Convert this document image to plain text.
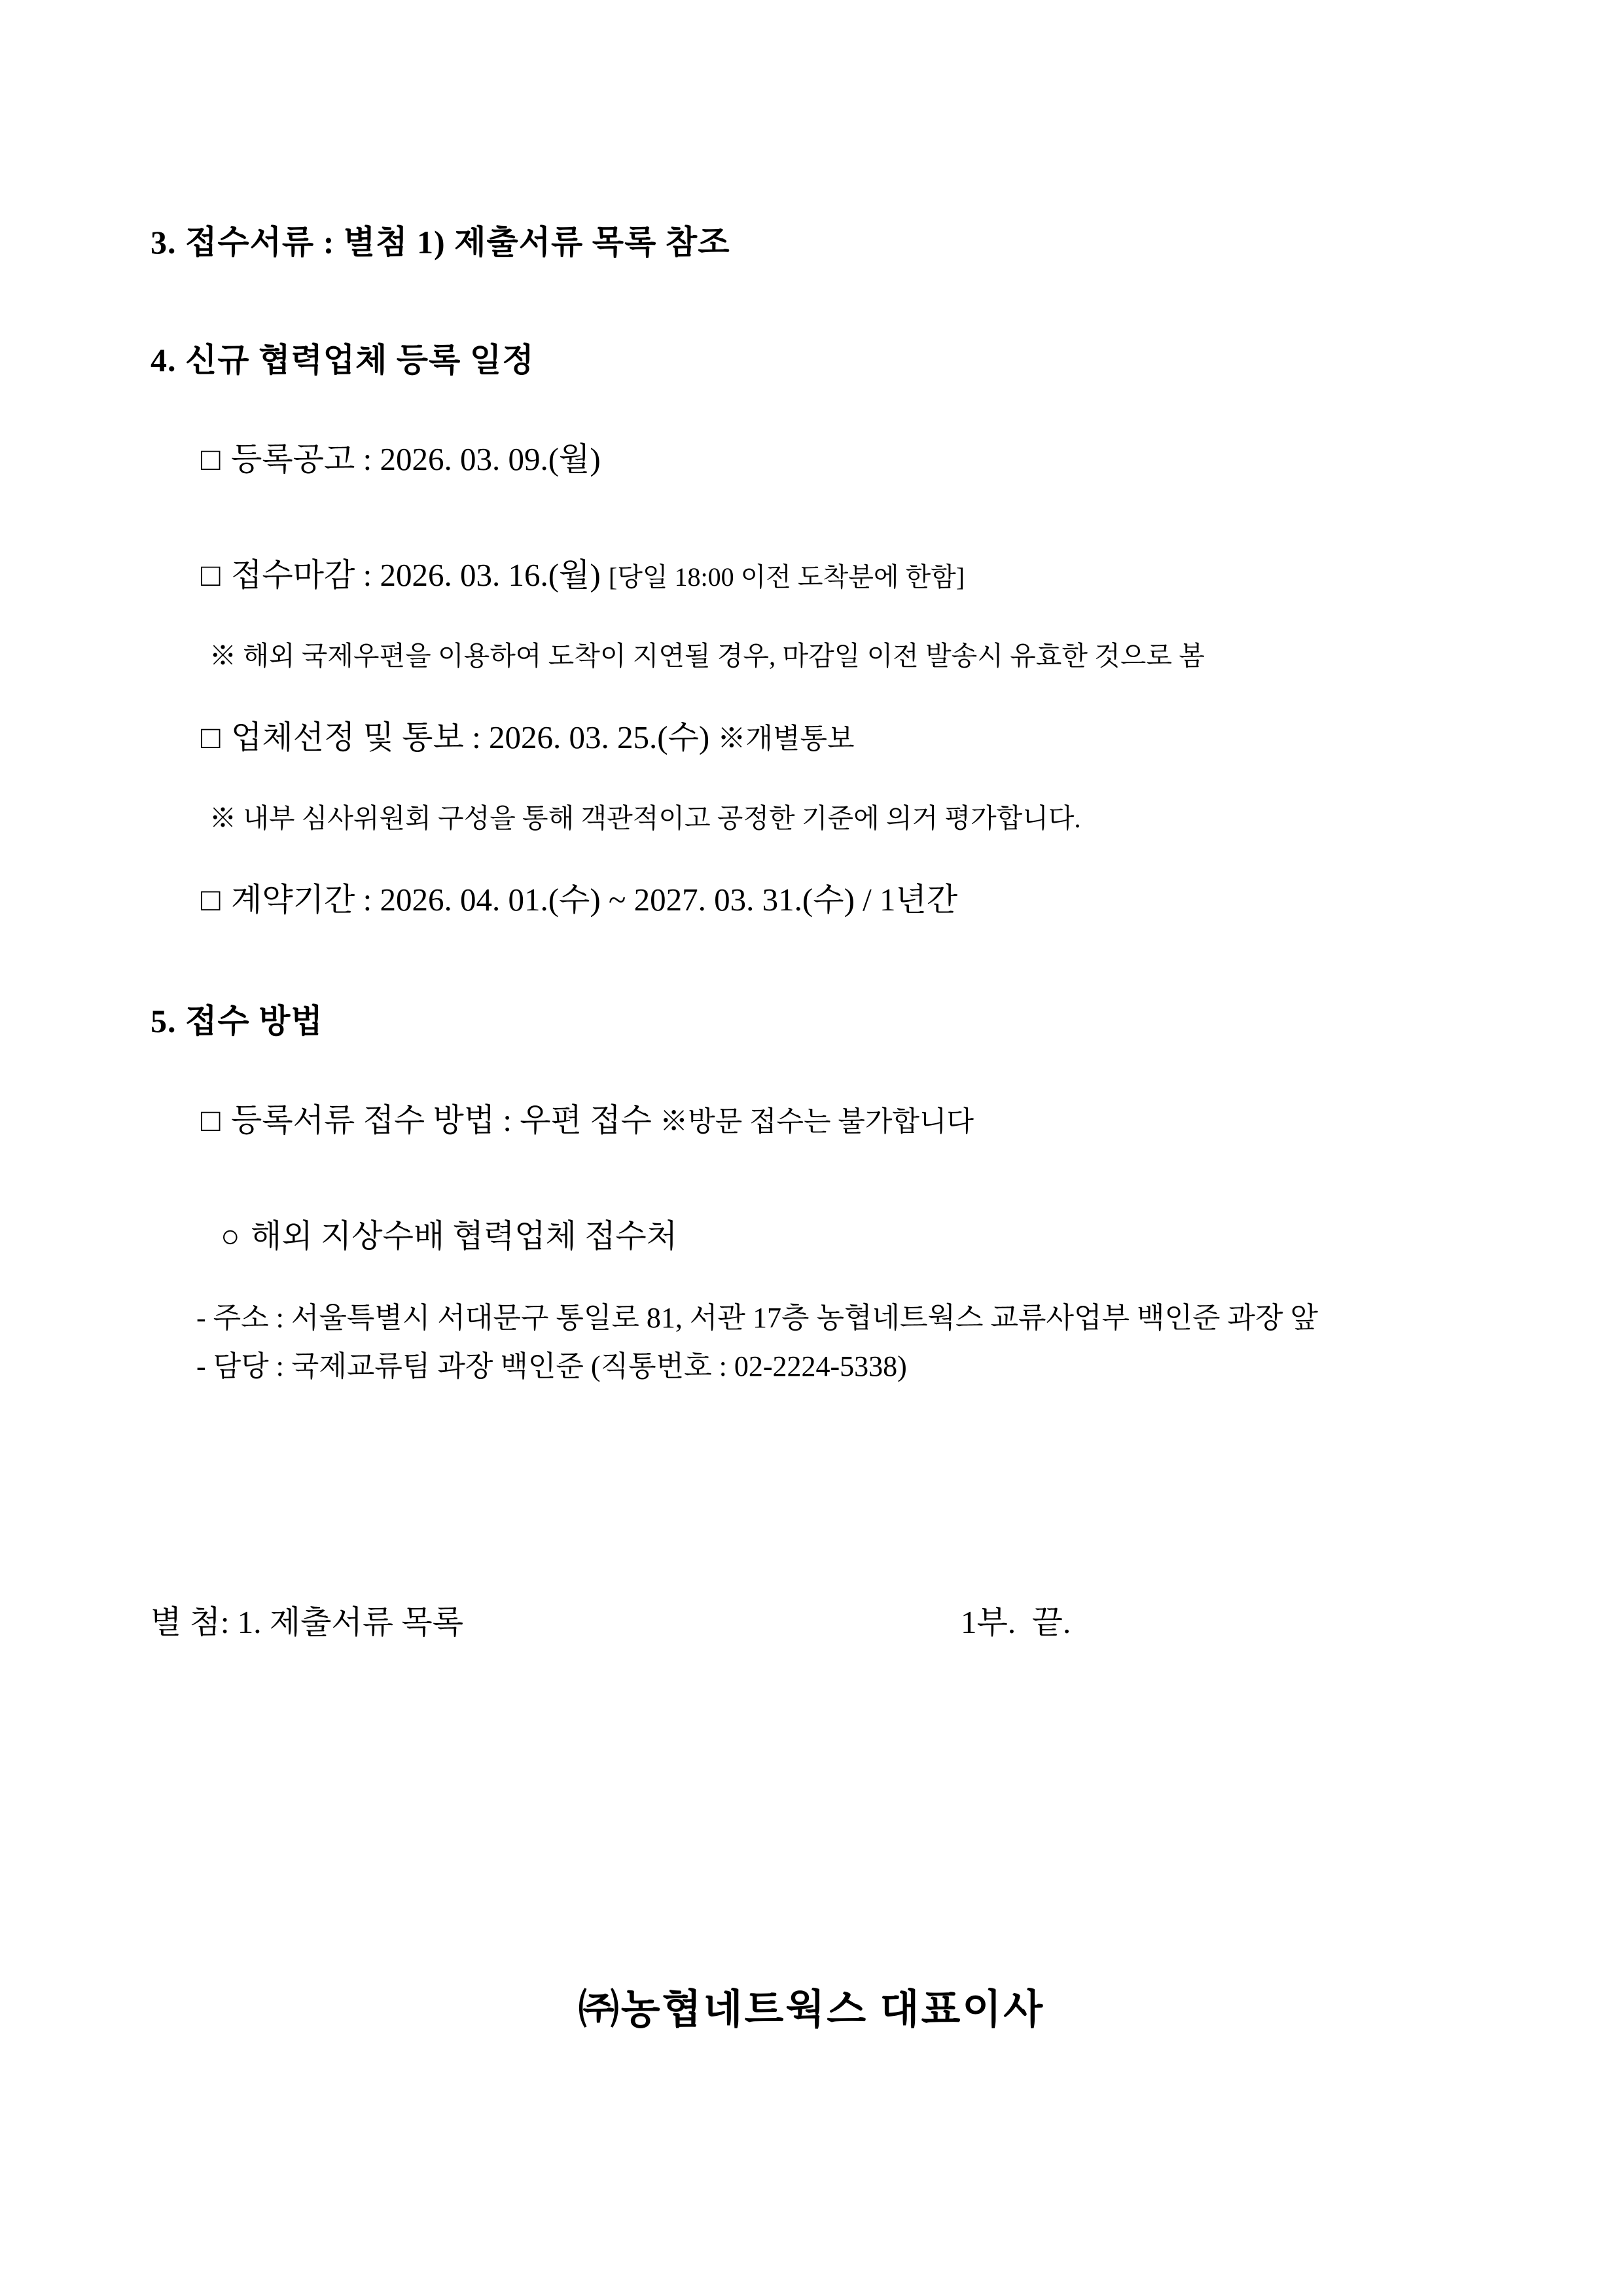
3. 접수서류 : 별첨 1) 제출서류 목록 참조
4. 신규 협력업체 등록 일정

□ 등록공고 : 2026. 03. 09.(월)

□ 접수마감 : 2026. 03. 16.(월) [당일 18:00 이전 도착분에 한함]

※ 해외 국제우편을 이용하여 도착이 지연될 경우, 마감일 이전 발송시 유효한 것으로 봄

□ 업체선정 및 통보 : 2026. 03. 25.(수) ※개별통보

※ 내부 심사위원회 구성을 통해 객관적이고 공정한 기준에 의거 평가합니다.

□ 계약기간 : 2026. 04. 01.(수) ~ 2027. 03. 31.(수) / 1년간

5. 접수 방법

□ 등록서류 접수 방법 : 우편 접수 ※방문 접수는 불가합니다

○ 해외 지상수배 협력업체 접수처

- 주소 : 서울특별시 서대문구 통일로 81, 서관 17층 농협네트웍스 교류사업부 백인준 과장 앞
- 담당 : 국제교류팀 과장 백인준 (직통번호 : 02-2224-5338)
별 첨: 1. 제출서류 목록	1부.  끝.
㈜농협네트웍스 대표이사
